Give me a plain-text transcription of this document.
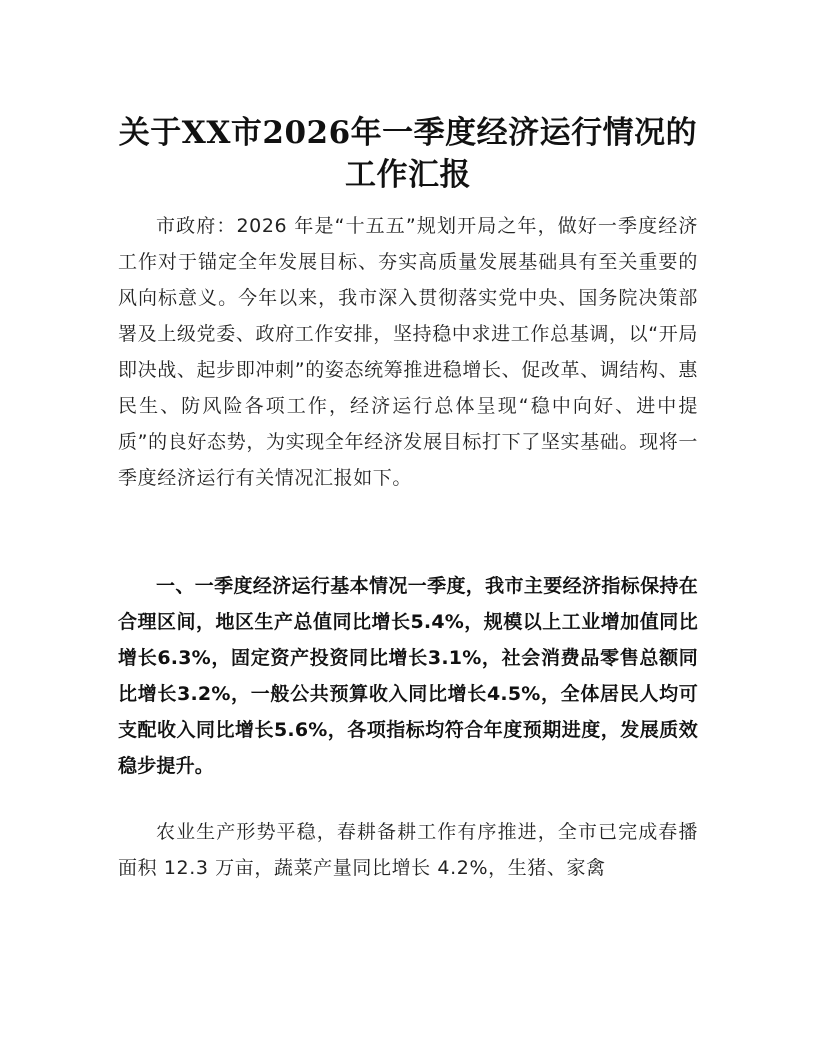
关于XX市2026年一季度经济运行情况的工作汇报

市政府：2026 年是“十五五”规划开局之年，做好一季度经济工作对于锚定全年发展目标、夯实高质量发展基础具有至关重要的风向标意义。今年以来，我市深入贯彻落实党中央、国务院决策部署及上级党委、政府工作安排，坚持稳中求进工作总基调，以“开局即决战、起步即冲刺”的姿态统筹推进稳增长、促改革、调结构、惠民生、防风险各项工作，经济运行总体呈现“稳中向好、进中提质”的良好态势，为实现全年经济发展目标打下了坚实基础。现将一季度经济运行有关情况汇报如下。

一、一季度经济运行基本情况一季度，我市主要经济指标保持在合理区间，地区生产总值同比增长5.4%，规模以上工业增加值同比增长6.3%，固定资产投资同比增长3.1%，社会消费品零售总额同比增长3.2%，一般公共预算收入同比增长4.5%，全体居民人均可支配收入同比增长5.6%，各项指标均符合年度预期进度，发展质效稳步提升。

农业生产形势平稳，春耕备耕工作有序推进，全市已完成春播面积 12.3 万亩，蔬菜产量同比增长 4.2%，生猪、家禽
